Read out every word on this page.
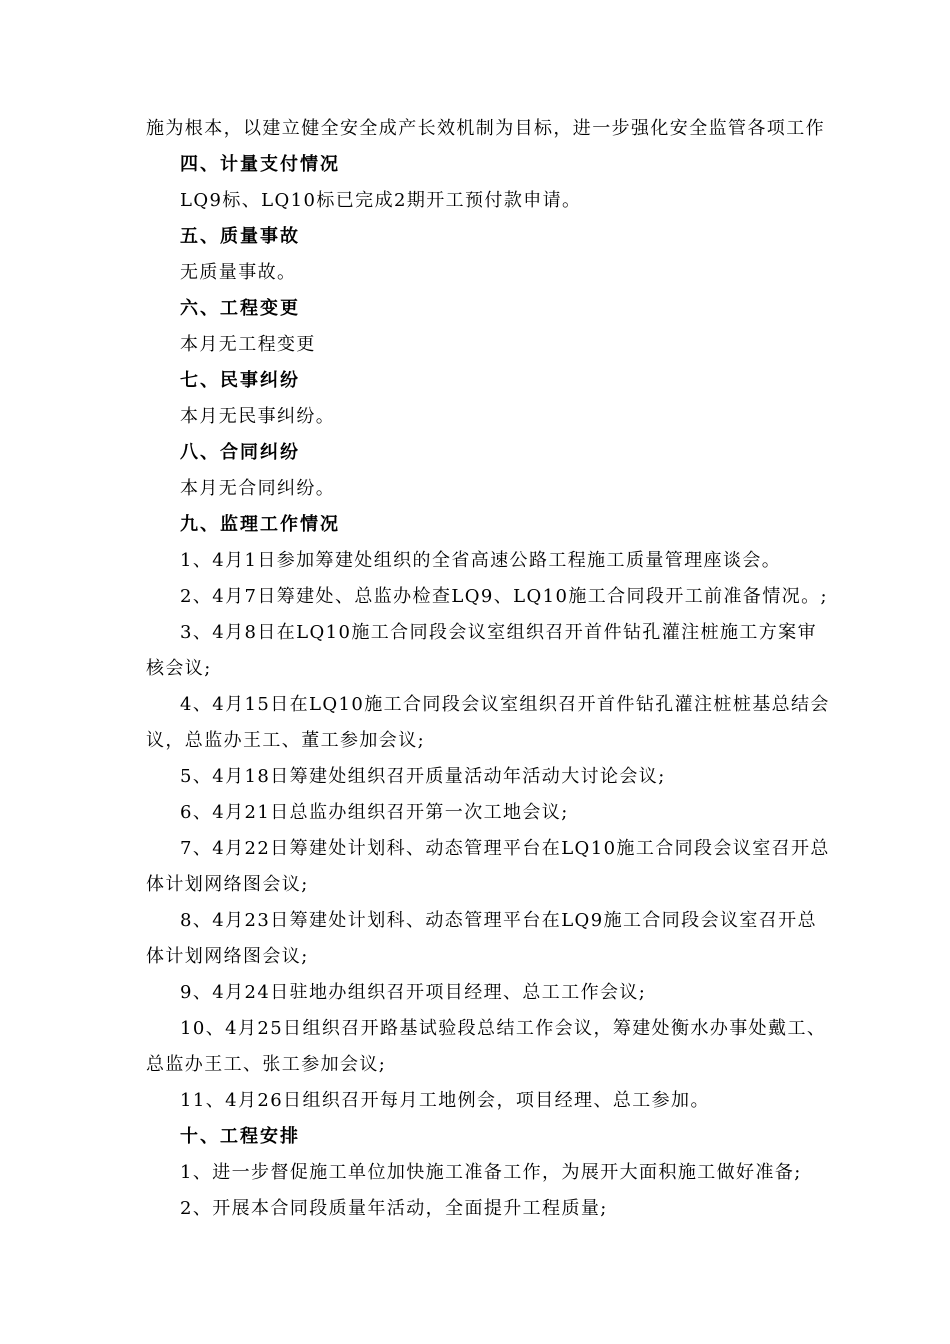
施为根本，以建立健全安全成产长效机制为目标，进一步强化安全监管各项工作
四、计量支付情况
LQ9标、LQ10标已完成2期开工预付款申请。
五、质量事故
无质量事故。
六、工程变更
本月无工程变更
七、民事纠纷
本月无民事纠纷。
八、合同纠纷
本月无合同纠纷。
九、监理工作情况
1、4月1日参加筹建处组织的全省高速公路工程施工质量管理座谈会。
2、4月7日筹建处、总监办检查LQ9、LQ10施工合同段开工前准备情况。;
3、4月8日在LQ10施工合同段会议室组织召开首件钻孔灌注桩施工方案审
核会议;
4、4月15日在LQ10施工合同段会议室组织召开首件钻孔灌注桩桩基总结会
议，总监办王工、董工参加会议;
5、4月18日筹建处组织召开质量活动年活动大讨论会议;
6、4月21日总监办组织召开第一次工地会议;
7、4月22日筹建处计划科、动态管理平台在LQ10施工合同段会议室召开总
体计划网络图会议;
8、4月23日筹建处计划科、动态管理平台在LQ9施工合同段会议室召开总
体计划网络图会议;
9、4月24日驻地办组织召开项目经理、总工工作会议;
10、4月25日组织召开路基试验段总结工作会议，筹建处衡水办事处戴工、
总监办王工、张工参加会议;
11、4月26日组织召开每月工地例会，项目经理、总工参加。
十、工程安排
1、进一步督促施工单位加快施工准备工作，为展开大面积施工做好准备;
2、开展本合同段质量年活动，全面提升工程质量;
